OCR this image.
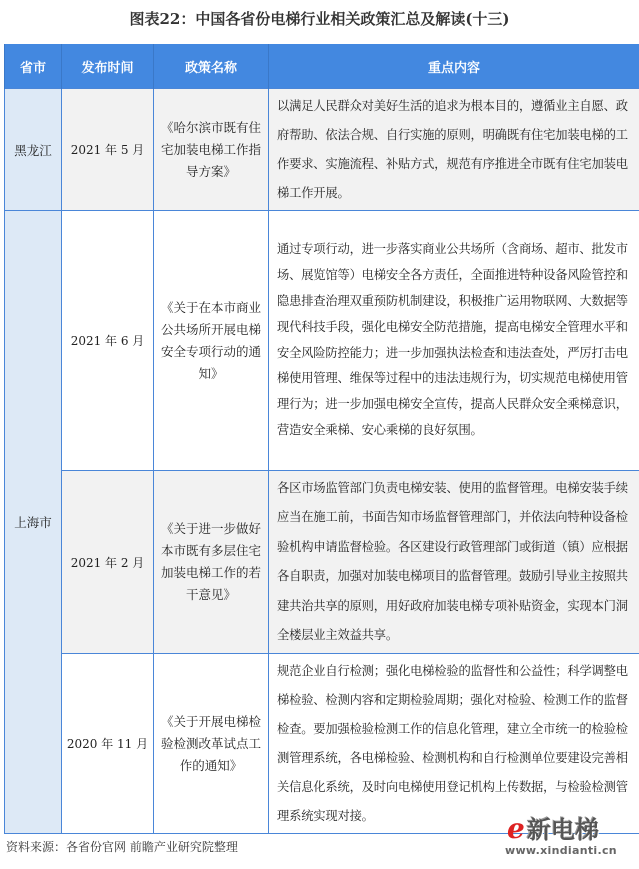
图表22：中国各省份电梯行业相关政策汇总及解读(十三)
省市	发布时间	政策名称	重点内容
黑龙江	2021 年 5 月	《哈尔滨市既有住宅加装电梯工作指导方案》	以满足人民群众对美好生活的追求为根本目的，遵循业主自愿、政府帮助、依法合规、自行实施的原则，明确既有住宅加装电梯的工作要求、实施流程、补贴方式，规范有序推进全市既有住宅加装电梯工作开展。
上海市	2021 年 6 月	《关于在本市商业公共场所开展电梯安全专项行动的通知》	通过专项行动，进一步落实商业公共场所（含商场、超市、批发市场、展览馆等）电梯安全各方责任，全面推进特种设备风险管控和隐患排查治理双重预防机制建设，积极推广运用物联网、大数据等现代科技手段，强化电梯安全防范措施，提高电梯安全管理水平和安全风险防控能力；进一步加强执法检查和违法查处，严厉打击电梯使用管理、维保等过程中的违法违规行为，切实规范电梯使用管理行为；进一步加强电梯安全宣传，提高人民群众安全乘梯意识，营造安全乘梯、安心乘梯的良好氛围。
	2021 年 2 月	《关于进一步做好本市既有多层住宅加装电梯工作的若干意见》	各区市场监管部门负责电梯安装、使用的监督管理。电梯安装手续应当在施工前，书面告知市场监督管理部门，并依法向特种设备检验机构申请监督检验。各区建设行政管理部门或街道（镇）应根据各自职责，加强对加装电梯项目的监督管理。鼓励引导业主按照共建共治共享的原则，用好政府加装电梯专项补贴资金，实现本门洞全楼层业主效益共享。
	2020 年 11 月	《关于开展电梯检验检测改革试点工作的通知》	规范企业自行检测；强化电梯检验的监督性和公益性；科学调整电梯检验、检测内容和定期检验周期；强化对检验、检测工作的监督检查。要加强检验检测工作的信息化管理，建立全市统一的检验检测管理系统，各电梯检验、检测机构和自行检测单位要建设完善相关信息化系统，及时向电梯使用登记机构上传数据，与检验检测管理系统实现对接。
资料来源：各省份官网 前瞻产业研究院整理
ℯ 新电梯
www.xindianti.cn
